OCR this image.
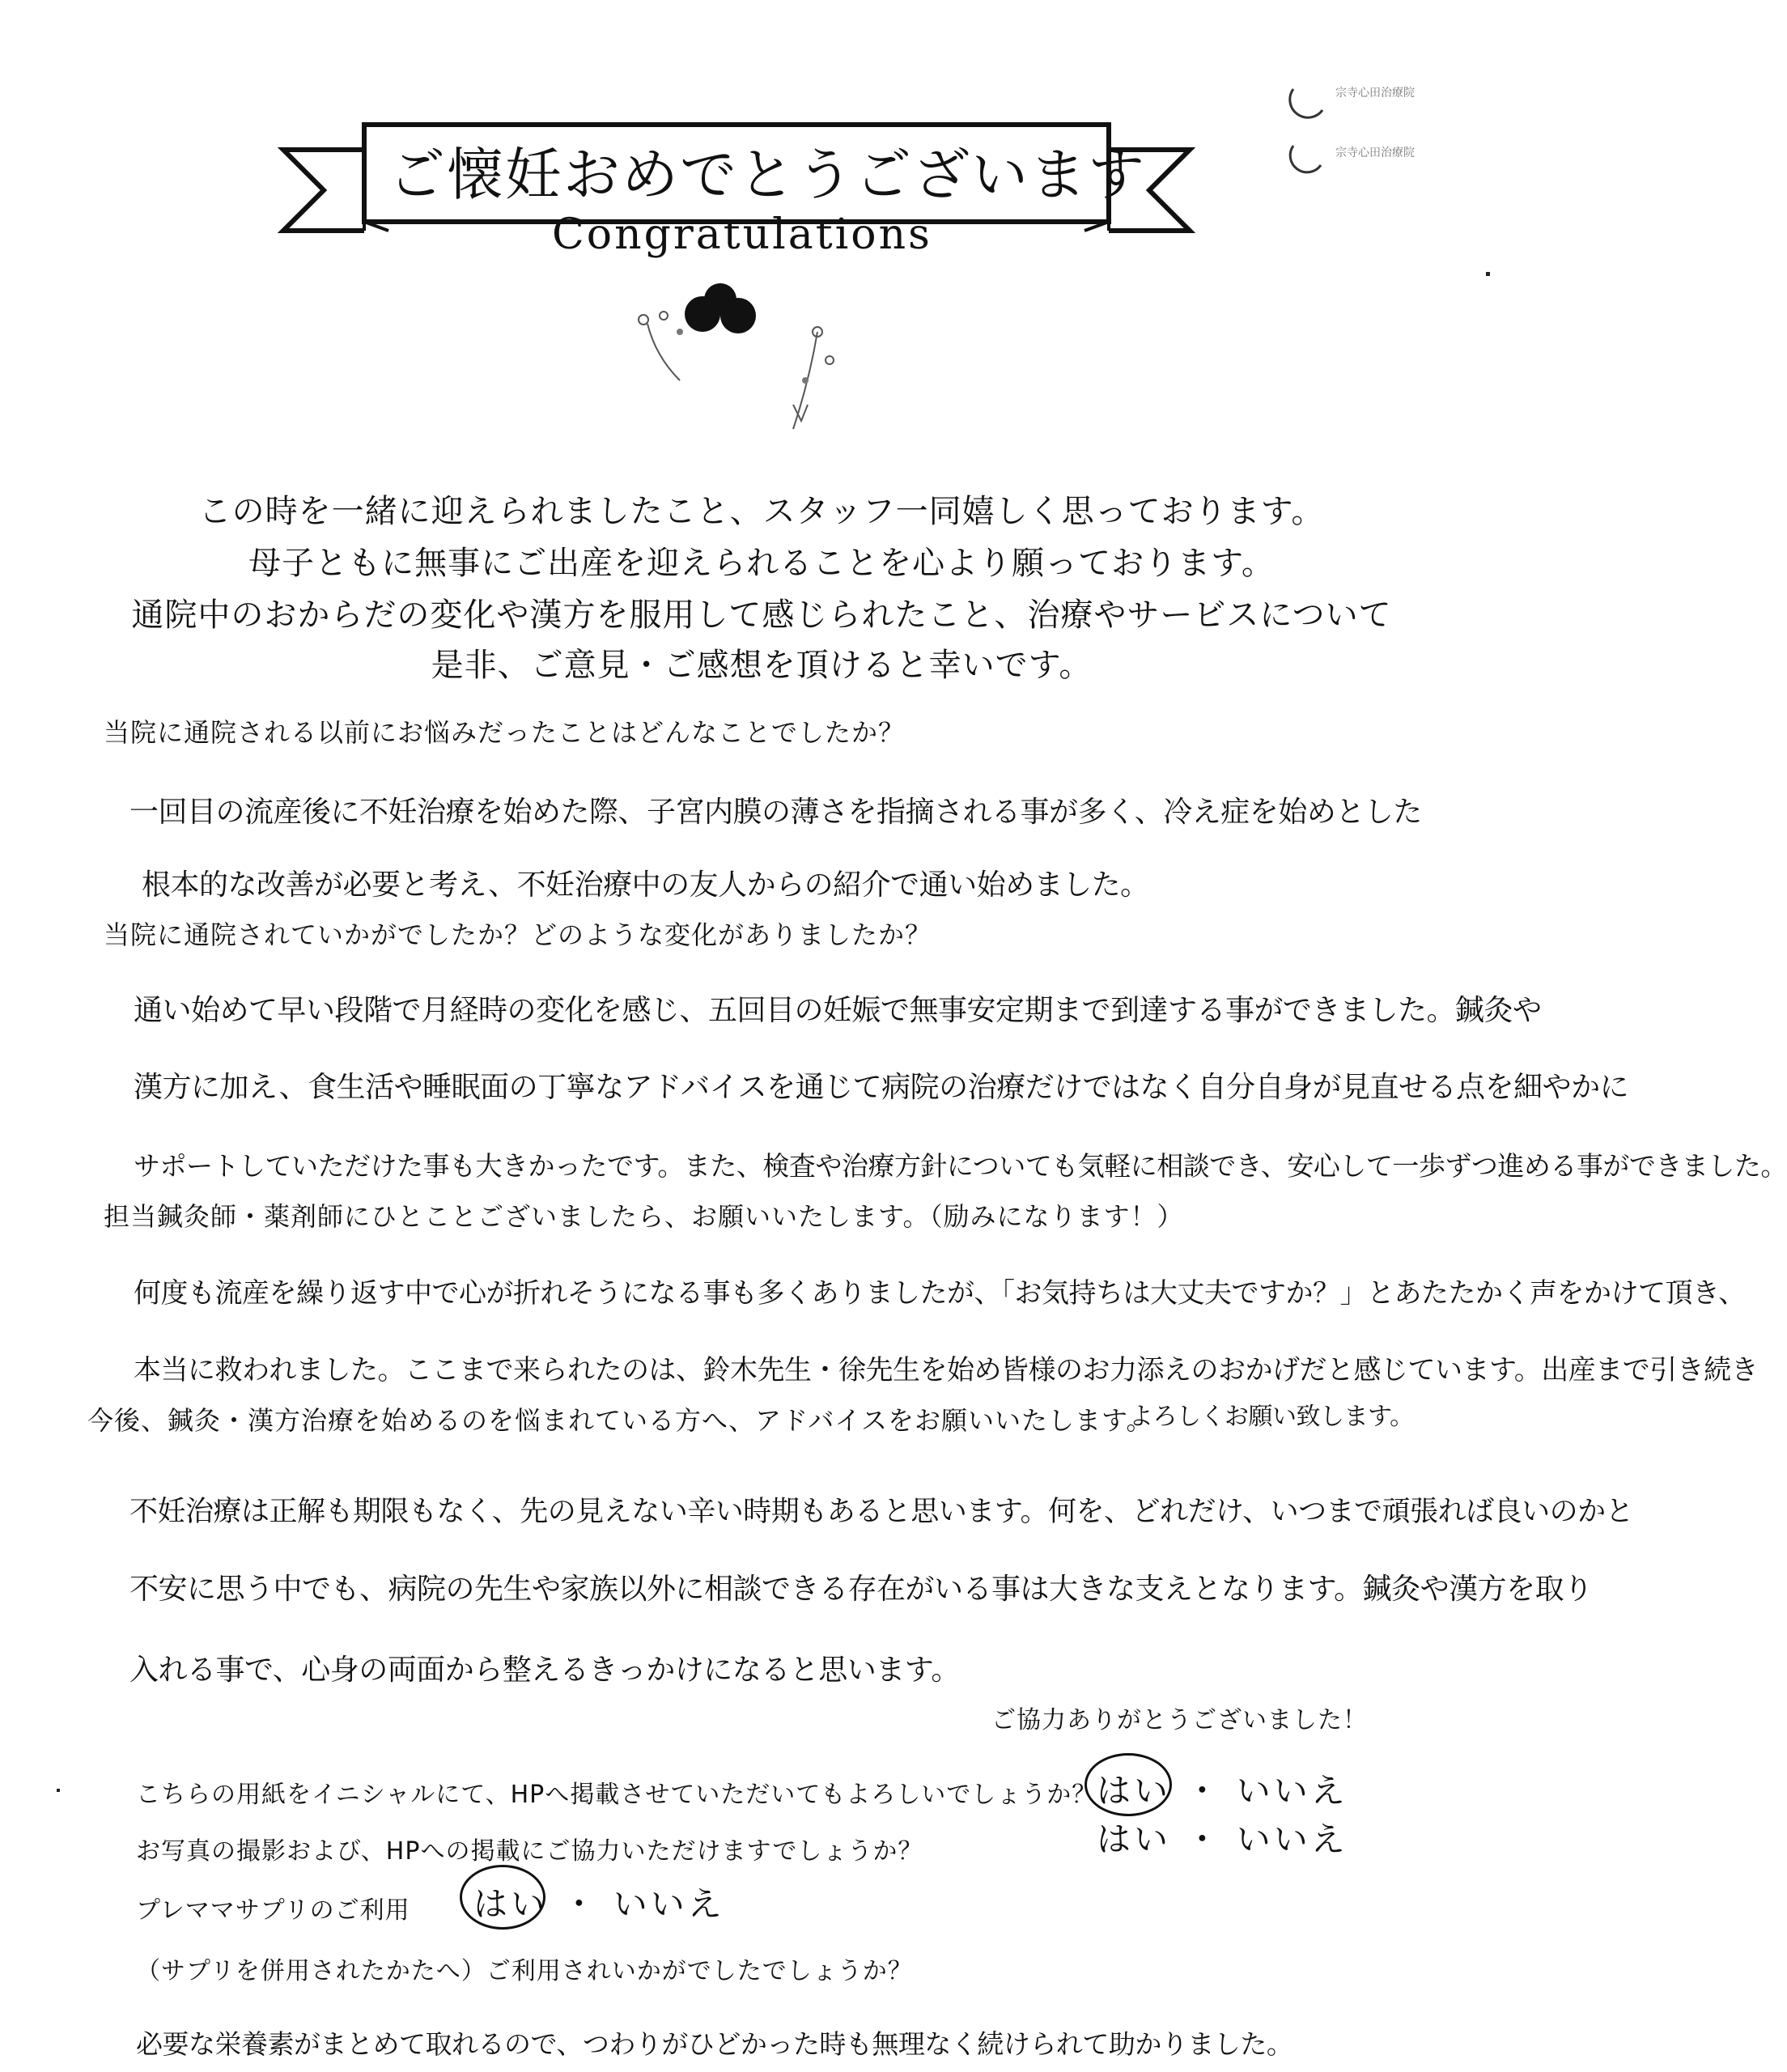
宗寺心田治療院
宗寺心田治療院
ご懐妊おめでとうございます
Congratulations
この時を一緒に迎えられましたこと、スタッフ一同嬉しく思っております。
母子ともに無事にご出産を迎えられることを心より願っております。
通院中のおからだの変化や漢方を服用して感じられたこと、治療やサービスについて
是非、ご意見・ご感想を頂けると幸いです。
当院に通院される以前にお悩みだったことはどんなことでしたか？
一回目の流産後に不妊治療を始めた際、子宮内膜の薄さを指摘される事が多く、冷え症を始めとした
根本的な改善が必要と考え、不妊治療中の友人からの紹介で通い始めました。
当院に通院されていかがでしたか？どのような変化がありましたか？
通い始めて早い段階で月経時の変化を感じ、五回目の妊娠で無事安定期まで到達する事ができました。鍼灸や
漢方に加え、食生活や睡眠面の丁寧なアドバイスを通じて病院の治療だけではなく自分自身が見直せる点を細やかに
サポートしていただけた事も大きかったです。また、検査や治療方針についても気軽に相談でき、安心して一歩ずつ進める事ができました。
担当鍼灸師・薬剤師にひとことございましたら、お願いいたします。（励みになります！）
何度も流産を繰り返す中で心が折れそうになる事も多くありましたが、「お気持ちは大丈夫ですか？」とあたたかく声をかけて頂き、
本当に救われました。ここまで来られたのは、鈴木先生・徐先生を始め皆様のお力添えのおかげだと感じています。出産まで引き続き
よろしくお願い致します。
今後、鍼灸・漢方治療を始めるのを悩まれている方へ、アドバイスをお願いいたします。
不妊治療は正解も期限もなく、先の見えない辛い時期もあると思います。何を、どれだけ、いつまで頑張れば良いのかと
不安に思う中でも、病院の先生や家族以外に相談できる存在がいる事は大きな支えとなります。鍼灸や漢方を取り
入れる事で、心身の両面から整えるきっかけになると思います。
ご協力ありがとうございました！
こちらの用紙をイニシャルにて、HPへ掲載させていただいてもよろしいでしょうか？ はい ・ いいえ
お写真の撮影および、HPへの掲載にご協力いただけますでしょうか？	はい ・ いいえ
プレママサプリのご利用 はい ・ いいえ
（サプリを併用されたかたへ）ご利用されいかがでしたでしょうか？
必要な栄養素がまとめて取れるので、つわりがひどかった時も無理なく続けられて助かりました。
